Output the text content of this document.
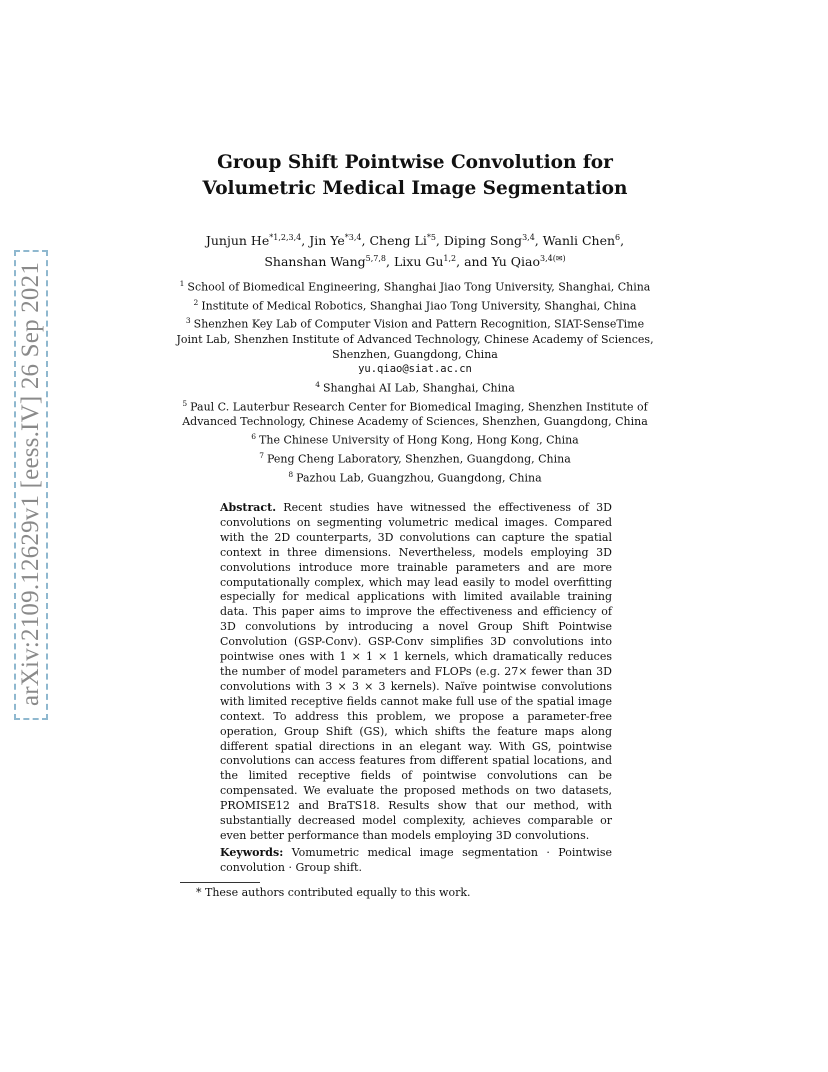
arXiv:2109.12629v1 [eess.IV] 26 Sep 2021
Group Shift Pointwise Convolution for
Volumetric Medical Image Segmentation
Junjun He$^{*1,2,3,4}$, Jin Ye$^{*3,4}$, Cheng Li$^{*5}$, Diping Song$^{3,4}$, Wanli Chen$^6$,
Shanshan Wang$^{5,7,8}$, Lixu Gu$^{1,2}$, and Yu Qiao$^{3,4(✉)}$
$^1$ School of Biomedical Engineering, Shanghai Jiao Tong University, Shanghai, China
$^2$ Institute of Medical Robotics, Shanghai Jiao Tong University, Shanghai, China
$^3$ Shenzhen Key Lab of Computer Vision and Pattern Recognition, SIAT-SenseTime
Joint Lab, Shenzhen Institute of Advanced Technology, Chinese Academy of Sciences,
Shenzhen, Guangdong, China
yu.qiao@siat.ac.cn
$^4$ Shanghai AI Lab, Shanghai, China
$^5$ Paul C. Lauterbur Research Center for Biomedical Imaging, Shenzhen Institute of
Advanced Technology, Chinese Academy of Sciences, Shenzhen, Guangdong, China
$^6$ The Chinese University of Hong Kong, Hong Kong, China
$^7$ Peng Cheng Laboratory, Shenzhen, Guangdong, China
$^8$ Pazhou Lab, Guangzhou, Guangdong, China
Abstract. Recent studies have witnessed the effectiveness of 3D convolutions on segmenting volumetric medical images. Compared with the 2D counterparts, 3D convolutions can capture the spatial context in three dimensions. Nevertheless, models employing 3D convolutions introduce more trainable parameters and are more computationally complex, which may lead easily to model overfitting especially for medical applications with limited available training data. This paper aims to improve the effectiveness and efficiency of 3D convolutions by introducing a novel Group Shift Pointwise Convolution (GSP-Conv). GSP-Conv simplifies 3D convolutions into pointwise ones with 1 × 1 × 1 kernels, which dramatically reduces the number of model parameters and FLOPs (e.g. 27× fewer than 3D convolutions with 3 × 3 × 3 kernels). Naïve pointwise convolutions with limited receptive fields cannot make full use of the spatial image context. To address this problem, we propose a parameter-free operation, Group Shift (GS), which shifts the feature maps along different spatial directions in an elegant way. With GS, pointwise convolutions can access features from different spatial locations, and the limited receptive fields of pointwise convolutions can be compensated. We evaluate the proposed methods on two datasets, PROMISE12 and BraTS18. Results show that our method, with substantially decreased model complexity, achieves comparable or even better performance than models employing 3D convolutions.
Keywords: Vomumetric medical image segmentation · Pointwise convolution · Group shift.
* These authors contributed equally to this work.
